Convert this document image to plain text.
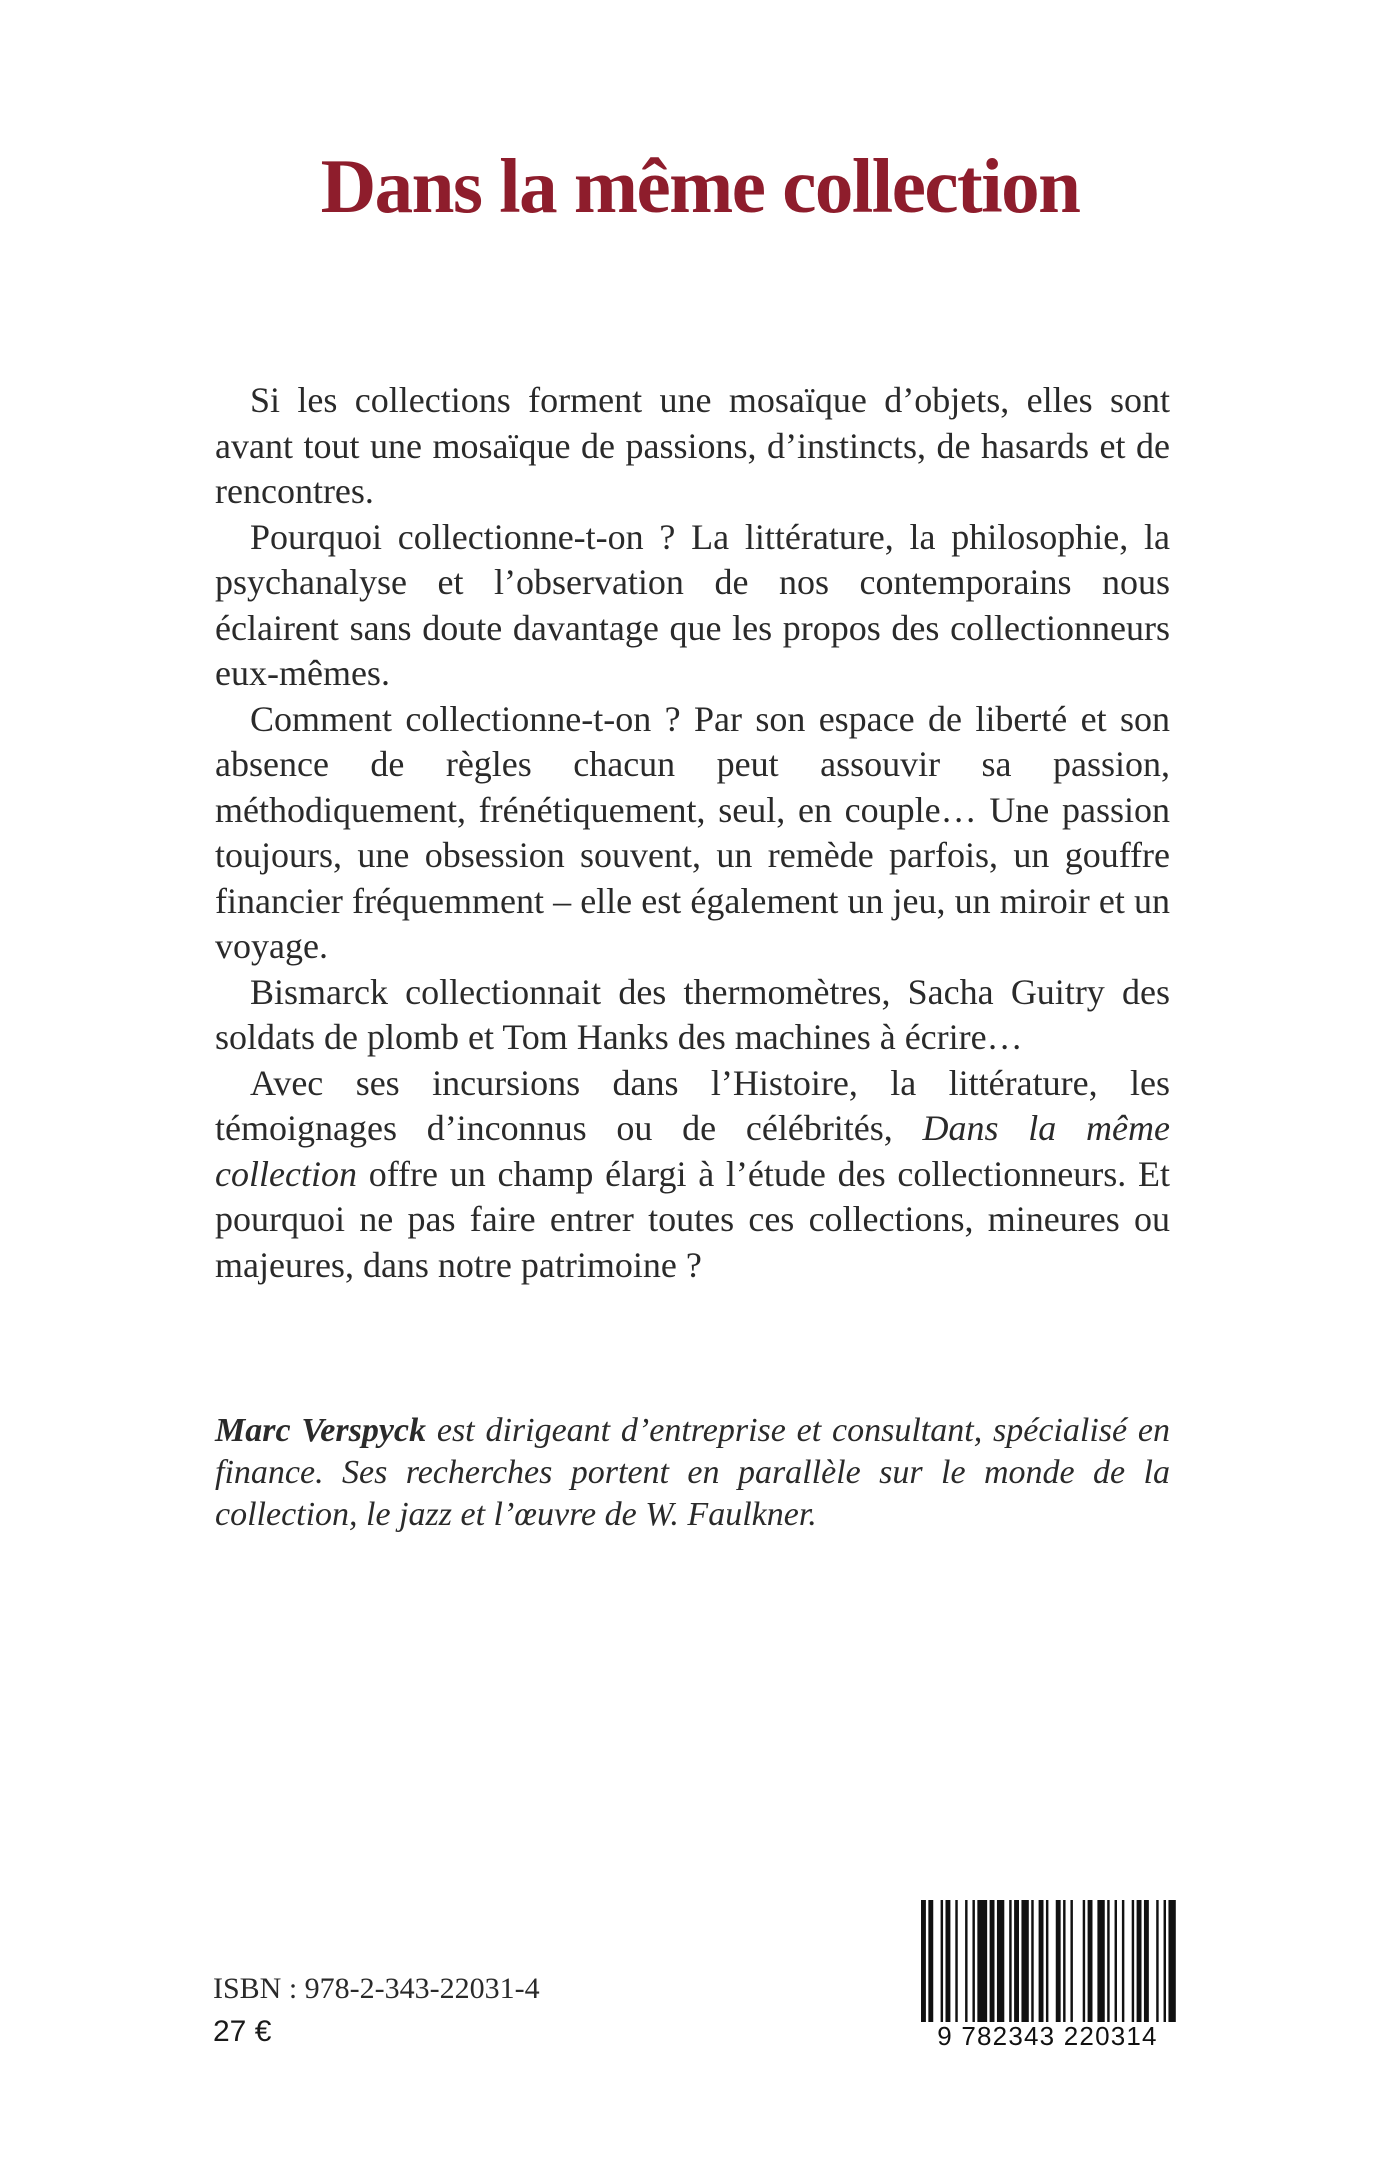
Dans la même collection

Si les collections forment une mosaïque d’objets, elles sont avant tout une mosaïque de passions, d’instincts, de hasards et de rencontres.

Pourquoi collectionne-t-on ? La littérature, la philosophie, la psychanalyse et l’observation de nos contemporains nous éclairent sans doute davantage que les propos des collectionneurs eux-mêmes.

Comment collectionne-t-on ? Par son espace de liberté et son absence de règles chacun peut assouvir sa passion, méthodiquement, frénétiquement, seul, en couple… Une passion toujours, une obsession souvent, un remède parfois, un gouffre financier fréquemment – elle est également un jeu, un miroir et un voyage.

Bismarck collectionnait des thermomètres, Sacha Guitry des soldats de plomb et Tom Hanks des machines à écrire…

Avec ses incursions dans l’Histoire, la littérature, les témoignages d’inconnus ou de célébrités, Dans la même collection offre un champ élargi à l’étude des collectionneurs. Et pourquoi ne pas faire entrer toutes ces collections, mineures ou majeures, dans notre patrimoine ?

Marc Verspyck est dirigeant d’entreprise et consultant, spécialisé en finance. Ses recherches portent en parallèle sur le monde de la collection, le jazz et l’œuvre de W. Faulkner.

ISBN : 978-2-343-22031-4

27 €	9 782343 220314
